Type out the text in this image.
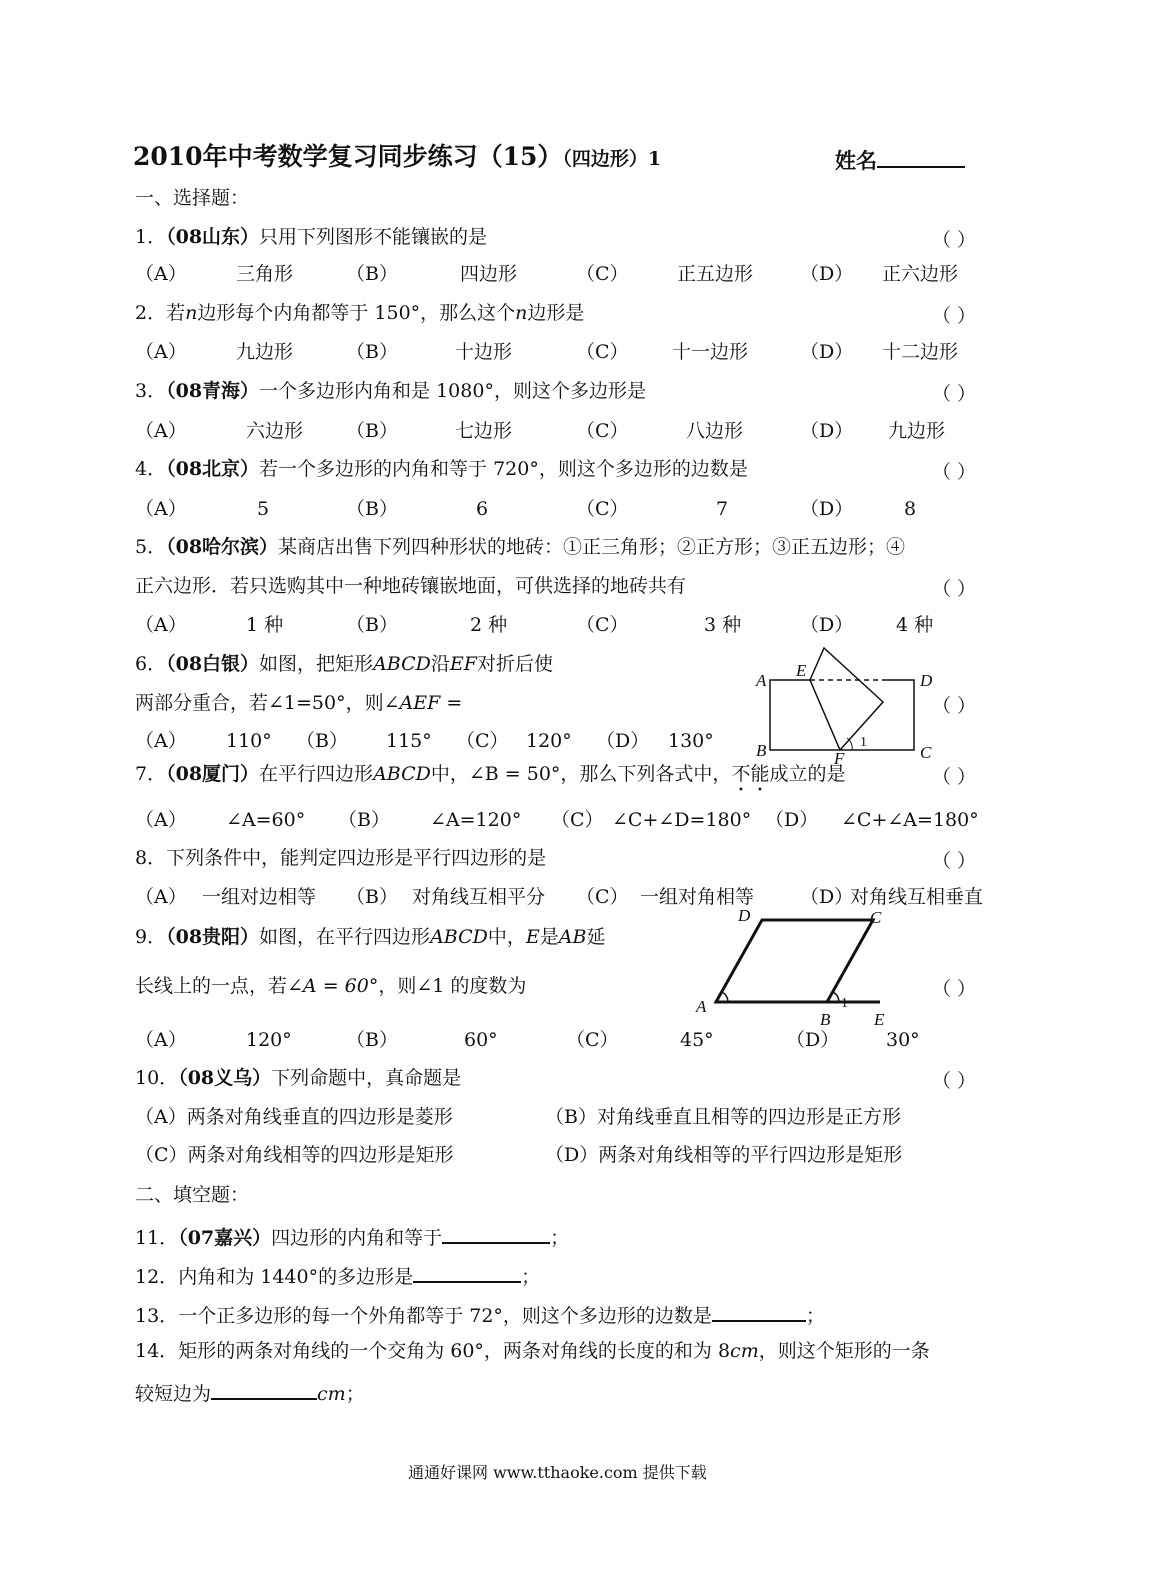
2010年中考数学复习同步练习（15）（四边形）1	姓名
一、选择题：
1．（08山东）只用下列图形不能镶嵌的是	（ ）
（A）	三角形	（B）	四边形	（C）	正五边形 （D） 正六边形
2．若n边形每个内角都等于 150°，那么这个n边形是	（ ）
（A）	九边形	（B）	十边形	（C） 十一边形	（D） 十二边形
3．（08青海）一个多边形内角和是 1080°，则这个多边形是	（ ）
（A）	六边形 （B）	七边形	（C）	八边形	（D） 九边形
4．（08北京）若一个多边形的内角和等于 720°，则这个多边形的边数是	（ ）
（A）	5	（B）	6	（C）	7	（D）	8
5．（08哈尔滨）某商店出售下列四种形状的地砖：①正三角形；②正方形；③正五边形；④
正六边形．若只选购其中一种地砖镶嵌地面，可供选择的地砖共有	（ ）
（A）	1 种	（B）	2 种	（C）	3 种	（D） 4 种
6．（08白银）如图，把矩形ABCD沿EF对折后使
两部分重合，若∠1=50°，则∠AEF =	（ ）
（A） 110° （B） 115° （C） 120° （D） 130°
A
E
D
B	F	C
1
7．（08厦门）在平行四边形ABCD中，∠B = 50°，那么下列各式中，不能成立的是	（ ）
（A） ∠A=60° （B） ∠A=120° （C） ∠C+∠D=180° （D） ∠C+∠A=180°
8．下列条件中，能判定四边形是平行四边形的是	（ ）
（A） 一组对边相等 （B） 对角线互相平分 （C） 一组对角相等 （D）
对角线互相垂直
9．（08贵阳）如图，在平行四边形ABCD中，E是AB延
长线上的一点，若∠A = 60°，则∠1 的度数为	（ ）
（A）	120°	（B）	60°	（C）	45°	（D） 30°
D	C
A	1
B	E
10．（08义乌）下列命题中，真命题是	（ ）
（A）两条对角线垂直的四边形是菱形	（B）对角线垂直且相等的四边形是正方形
（C）两条对角线相等的四边形是矩形	（D）两条对角线相等的平行四边形是矩形
二、填空题：
11．（07嘉兴）四边形的内角和等于	；
12．内角和为 1440°的多边形是	；
13．一个正多边形的每一个外角都等于 72°，则这个多边形的边数是	；
14．矩形的两条对角线的一个交角为 60°，两条对角线的长度的和为 8cm，则这个矩形的一条
较短边为	cm；
通通好课网 www.tthaoke.com 提供下载
